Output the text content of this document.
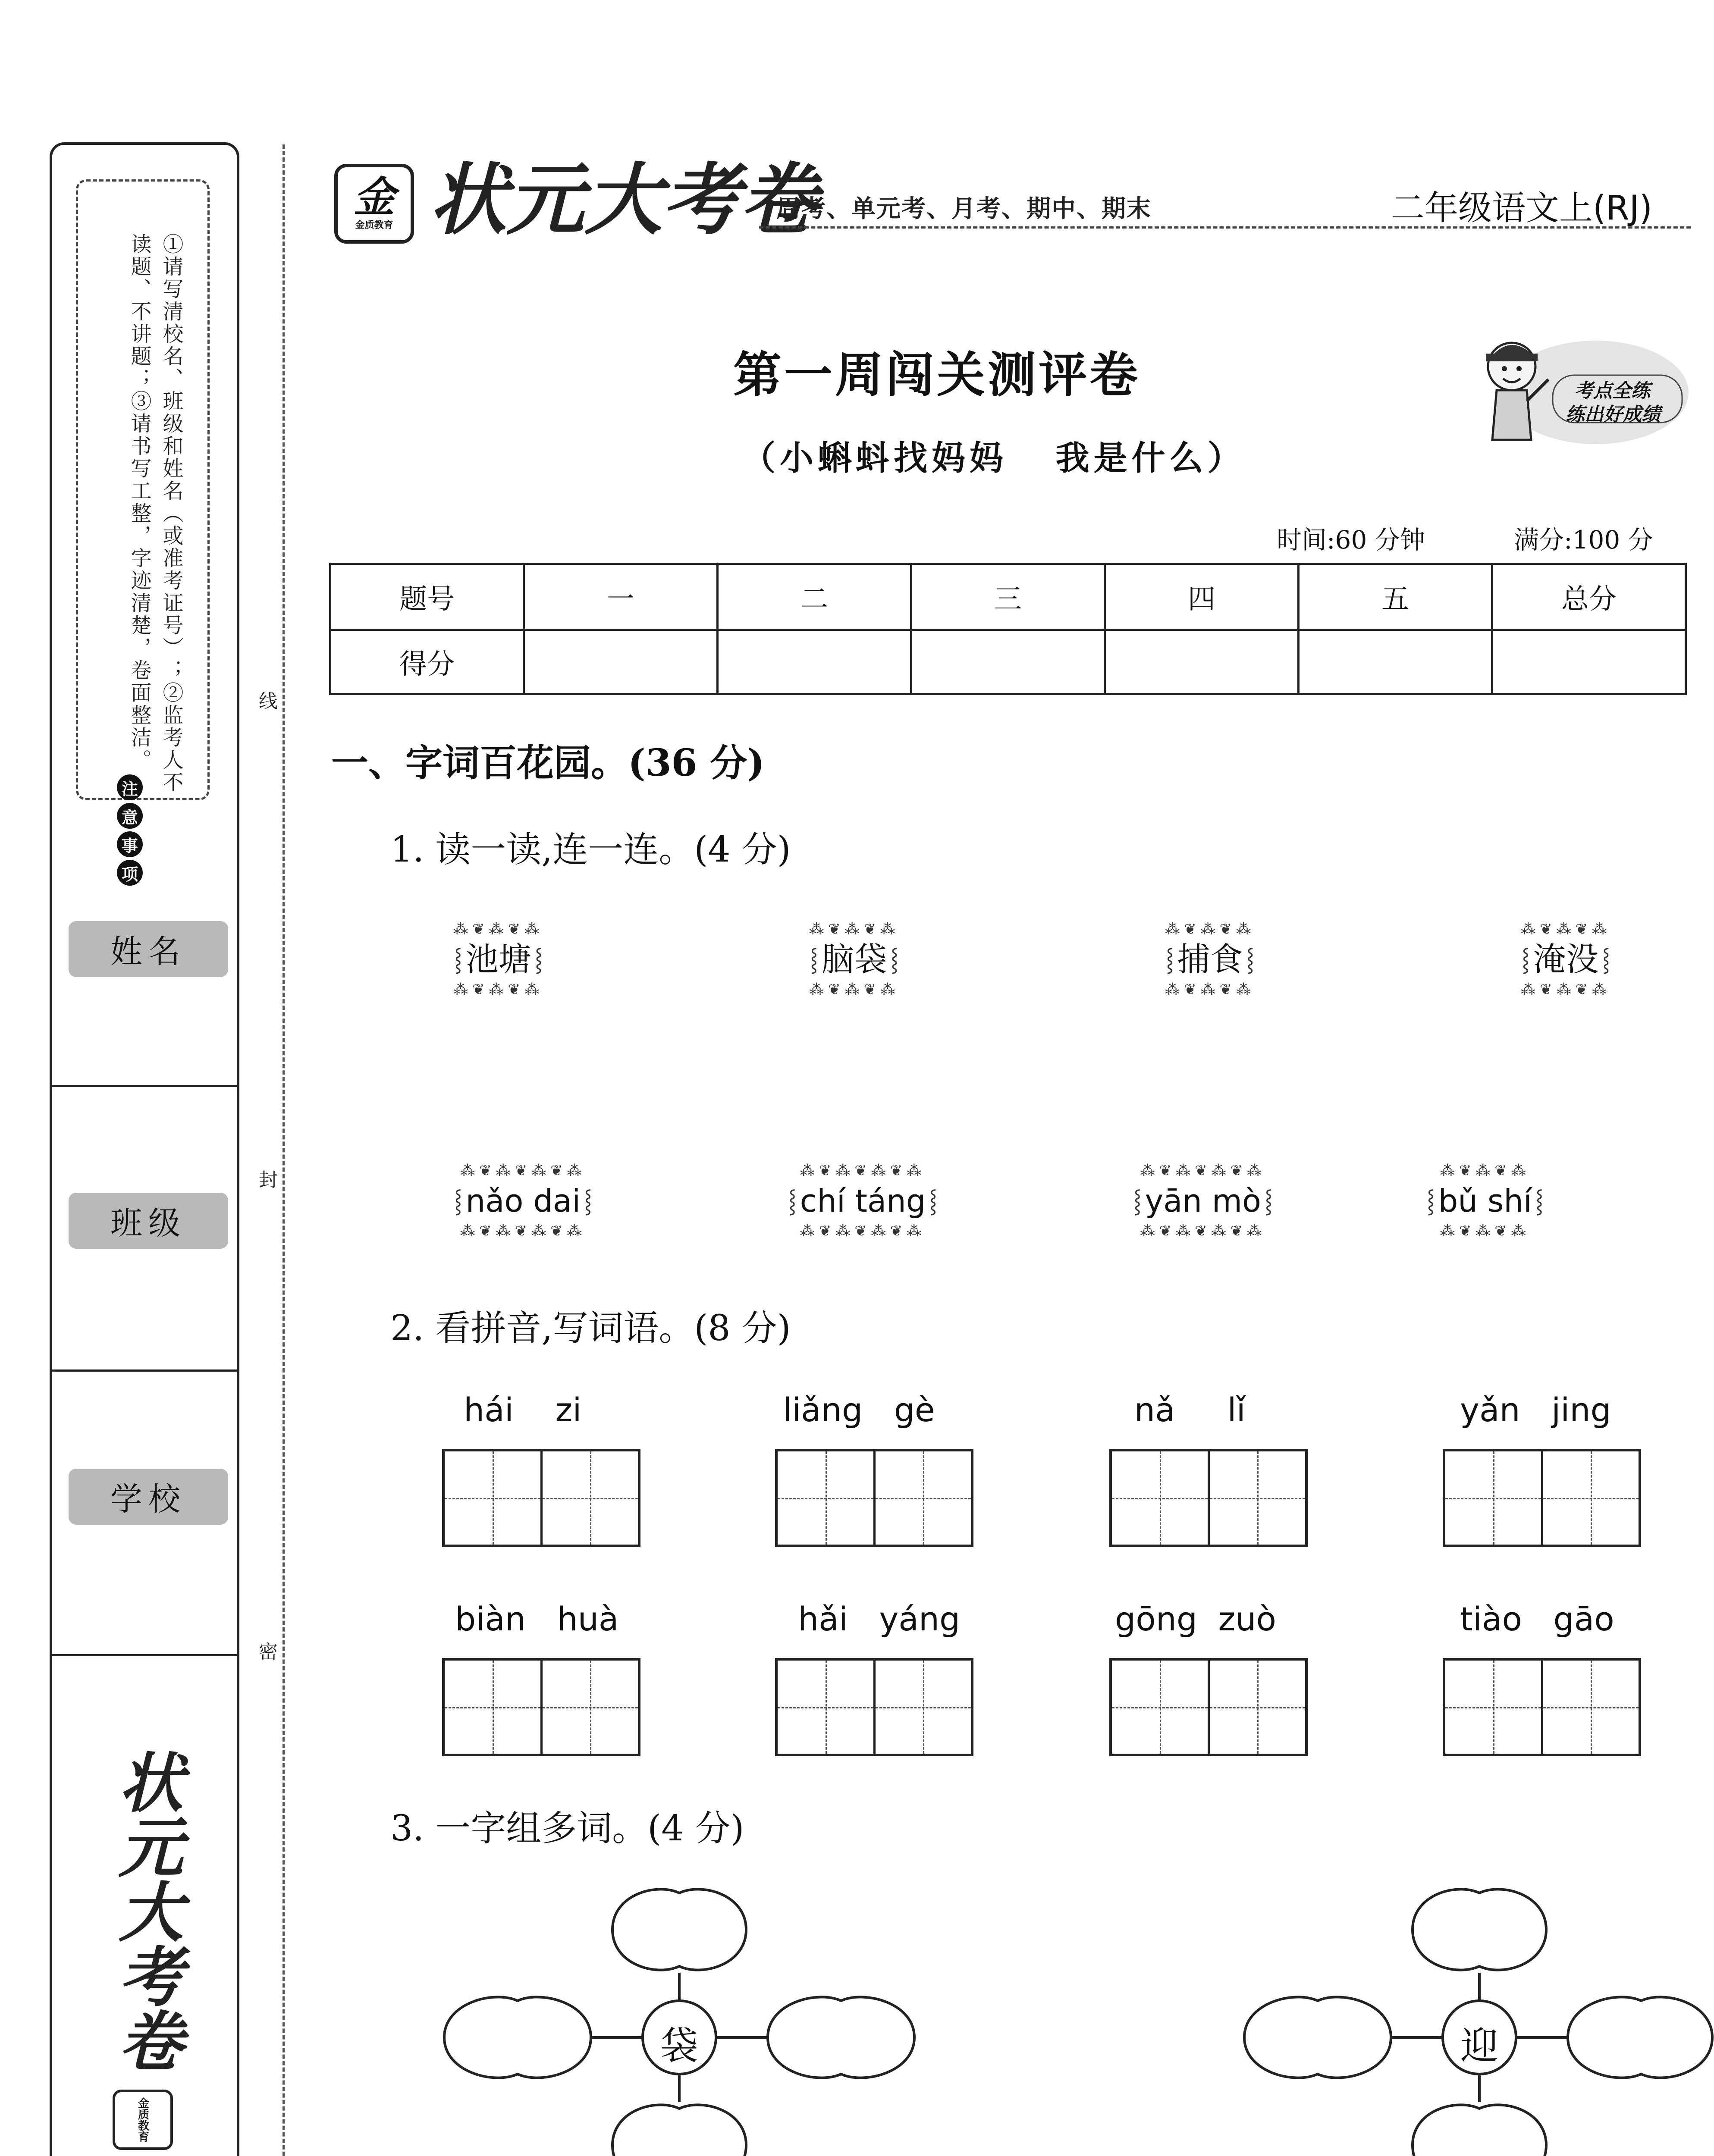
①请写清校名、班级和姓名（或准考证号）；②监考人不读题、不讲题；③请书写工整，字迹清楚，卷面整洁。
注
意
事
项
姓名
班级
学校
状元大考卷
金质教育
线
封
密
金
金质教育 状元大考卷
周考、单元考、月考、期中、期末	二年级语文上(RJ)
第一周闯关测评卷
（小蝌蚪找妈妈   我是什么）
考点全练
练出好成绩
时间:60 分钟	满分:100 分
题号	一	二	三	四	五	总分
得分						
一、字词百花园。(36 分)
1. 读一读,连一连。(4 分)
⁂❦⁂❦⁂
⸾ 池塘 ⸾
⁂❦⁂❦⁂
⁂❦⁂❦⁂
⸾ 脑袋 ⸾
⁂❦⁂❦⁂
⁂❦⁂❦⁂
⸾ 捕食 ⸾
⁂❦⁂❦⁂
⁂❦⁂❦⁂
⸾ 淹没 ⸾
⁂❦⁂❦⁂
⁂❦⁂❦⁂❦⁂
⸾ nǎo dai ⸾
⁂❦⁂❦⁂❦⁂
⁂❦⁂❦⁂❦⁂
⸾ chí táng ⸾
⁂❦⁂❦⁂❦⁂
⁂❦⁂❦⁂❦⁂
⸾ yān mò ⸾
⁂❦⁂❦⁂❦⁂
⁂❦⁂❦⁂
⸾ bǔ shí ⸾
⁂❦⁂❦⁂
2. 看拼音,写词语。(8 分)
hái    zi	liǎng   gè	nǎ     lǐ	yǎn   jing
biàn   huà	hǎi   yáng	gōng  zuò	tiào   gāo
3. 一字组多词。(4 分)
袋	迎
